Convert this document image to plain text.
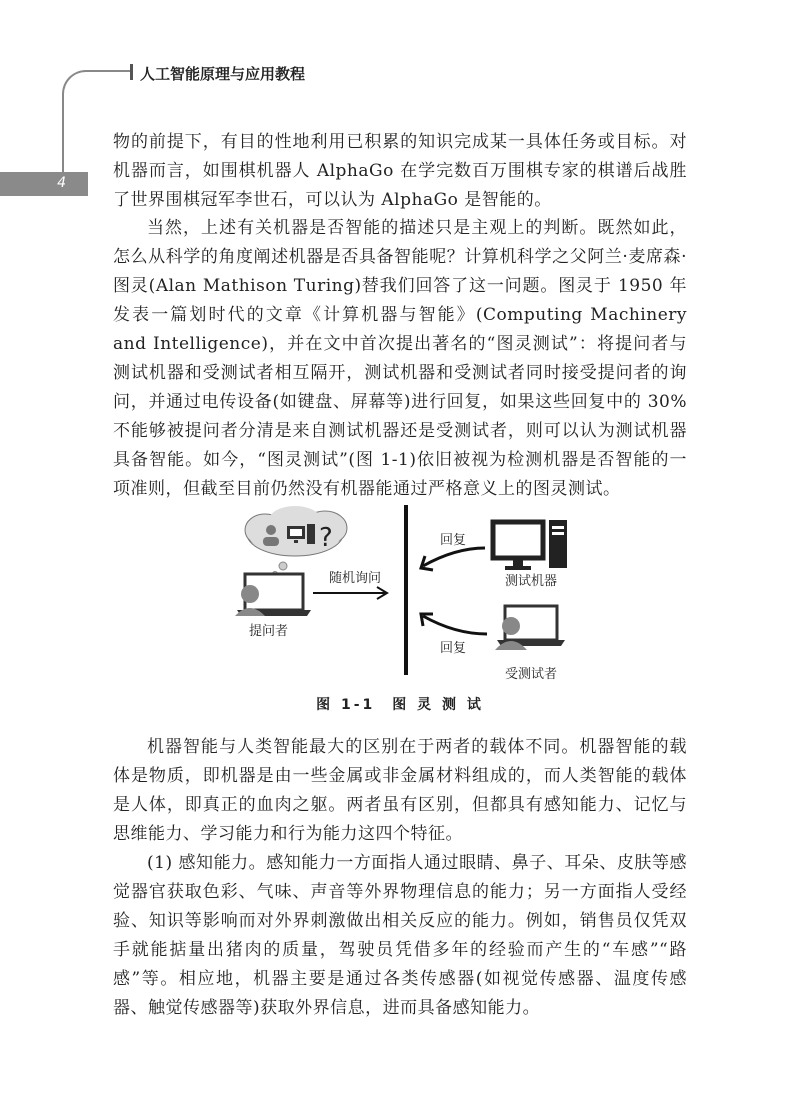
人工智能原理与应用教程
4

物的前提下，有目的性地利用已积累的知识完成某一具体任务或目标。对机器而言，如围棋机器人 AlphaGo 在学完数百万围棋专家的棋谱后战胜了世界围棋冠军李世石，可以认为 AlphaGo 是智能的。

当然，上述有关机器是否智能的描述只是主观上的判断。既然如此，怎么从科学的角度阐述机器是否具备智能呢？计算机科学之父阿兰·麦席森·图灵(Alan Mathison Turing)替我们回答了这一问题。图灵于 1950 年发表一篇划时代的文章《计算机器与智能》(Computing Machinery and Intelligence)，并在文中首次提出著名的“图灵测试”：将提问者与测试机器和受测试者相互隔开，测试机器和受测试者同时接受提问者的询问，并通过电传设备(如键盘、屏幕等)进行回复，如果这些回复中的 30%不能够被提问者分清是来自测试机器还是受测试者，则可以认为测试机器具备智能。如今，“图灵测试”(图 1-1)依旧被视为检测机器是否智能的一项准则，但截至目前仍然没有机器能通过严格意义上的图灵测试。

?
提问者
随机询问
回复
回复
测试机器
受测试者
图 1-1　图 灵 测 试

机器智能与人类智能最大的区别在于两者的载体不同。机器智能的载体是物质，即机器是由一些金属或非金属材料组成的，而人类智能的载体是人体，即真正的血肉之躯。两者虽有区别，但都具有感知能力、记忆与思维能力、学习能力和行为能力这四个特征。

(1) 感知能力。感知能力一方面指人通过眼睛、鼻子、耳朵、皮肤等感觉器官获取色彩、气味、声音等外界物理信息的能力；另一方面指人受经验、知识等影响而对外界刺激做出相关反应的能力。例如，销售员仅凭双手就能掂量出猪肉的质量，驾驶员凭借多年的经验而产生的“车感”“路感”等。相应地，机器主要是通过各类传感器(如视觉传感器、温度传感器、触觉传感器等)获取外界信息，进而具备感知能力。
